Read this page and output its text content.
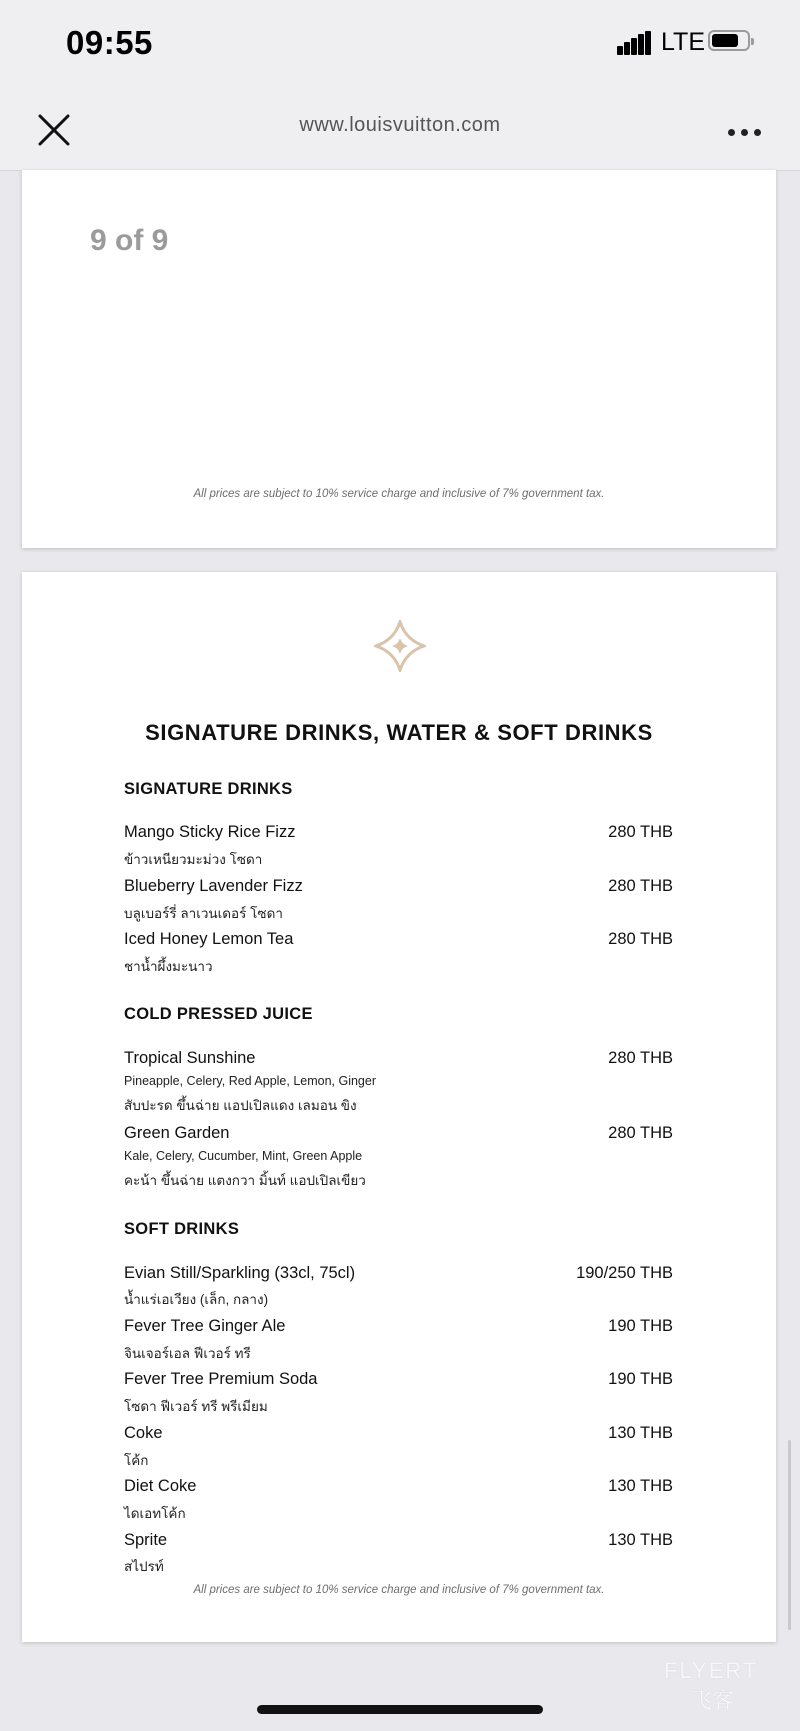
09:55	LTE
www.louisvuitton.com
9 of 9
All prices are subject to 10% service charge and inclusive of 7% government tax.
SIGNATURE DRINKS, WATER & SOFT DRINKS
SIGNATURE DRINKS
Mango Sticky Rice Fizz	280 THB
ข้าวเหนียวมะม่วง โซดา
Blueberry Lavender Fizz	280 THB
บลูเบอร์รี่ ลาเวนเดอร์ โซดา
Iced Honey Lemon Tea	280 THB
ชาน้ำผึ้งมะนาว
COLD PRESSED JUICE
Tropical Sunshine	280 THB
Pineapple, Celery, Red Apple, Lemon, Ginger
สับปะรด ขึ้นฉ่าย แอปเปิลแดง เลมอน ขิง
Green Garden	280 THB
Kale, Celery, Cucumber, Mint, Green Apple
คะน้า ขึ้นฉ่าย แตงกวา มิ้นท์ แอปเปิลเขียว
SOFT DRINKS
Evian Still/Sparkling (33cl, 75cl)	190/250 THB
น้ำแร่เอเวียง (เล็ก, กลาง)
Fever Tree Ginger Ale	190 THB
จินเจอร์เอล ฟีเวอร์ ทรี
Fever Tree Premium Soda	190 THB
โซดา ฟีเวอร์ ทรี พรีเมียม
Coke	130 THB
โค้ก
Diet Coke	130 THB
ไดเอทโค้ก
Sprite	130 THB
สไปรท์
All prices are subject to 10% service charge and inclusive of 7% government tax.
FLYERT
飞客
